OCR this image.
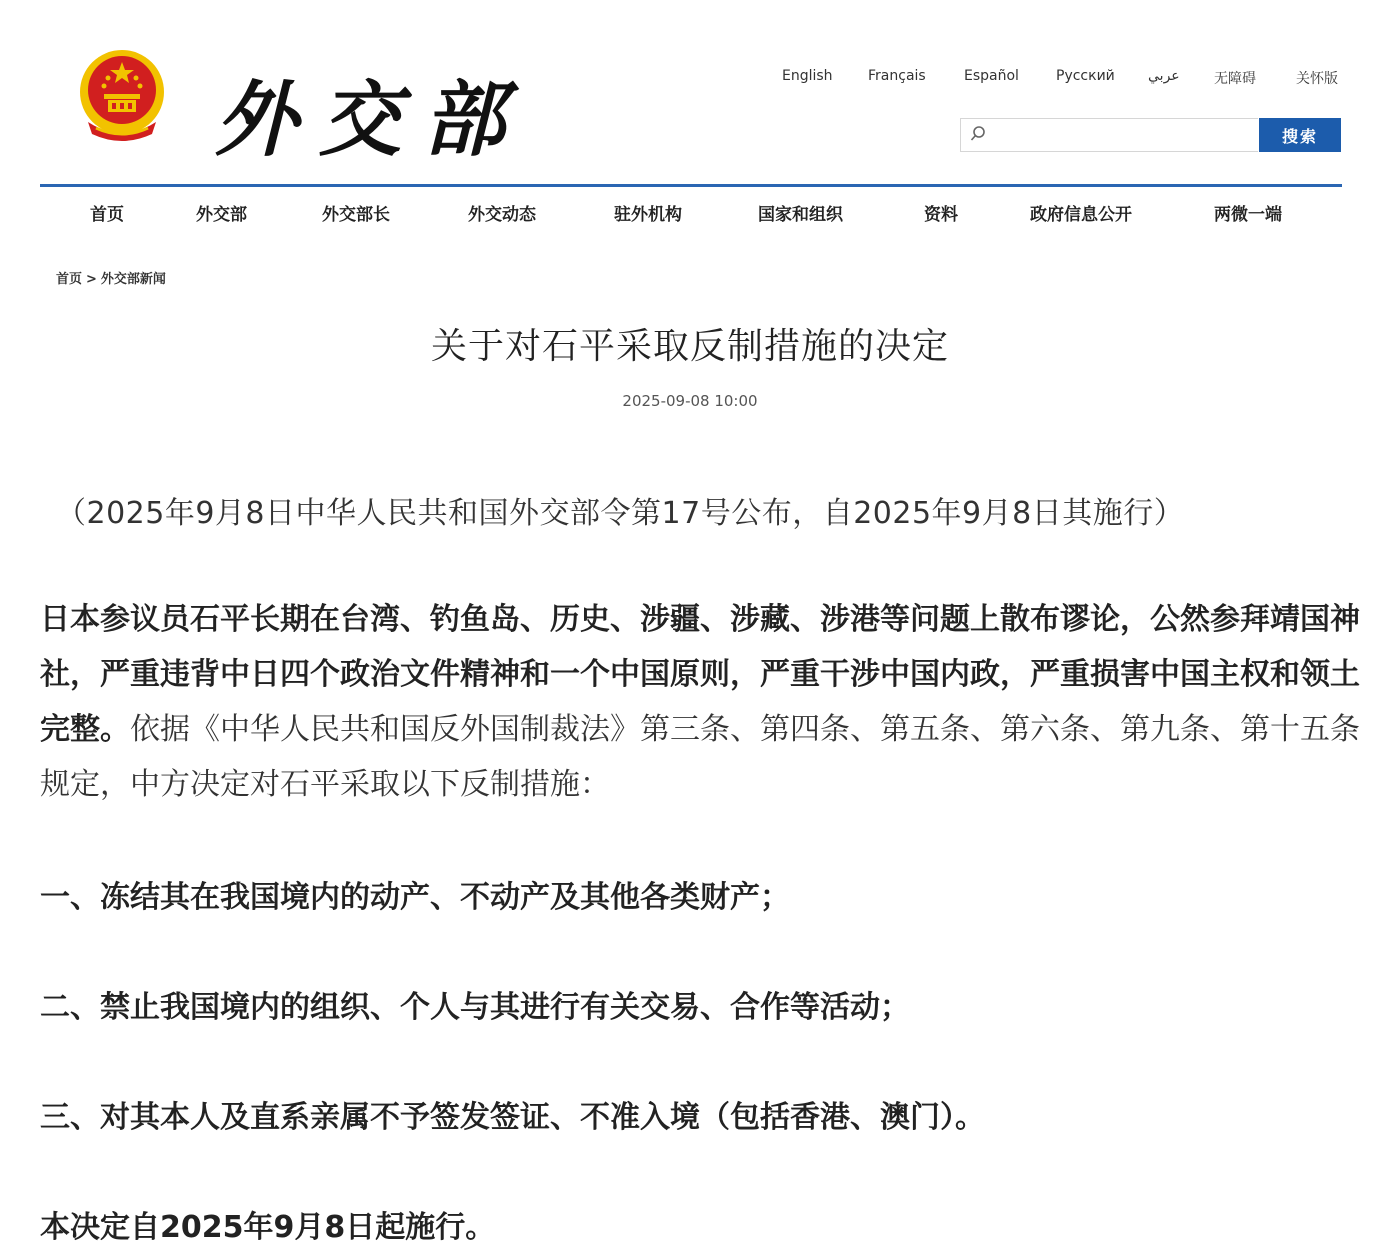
外交部	English	Français	Español	Русский عربي 无障碍	关怀版
搜索
首页	外交部	外交部长	外交动态	驻外机构	国家和组织	资料	政府信息公开	两微一端
首页 > 外交部新闻
关于对石平采取反制措施的决定
2025-09-08 10:00
（2025年9月8日中华人民共和国外交部令第17号公布，自2025年9月8日其施行）
日本参议员石平长期在台湾、钓鱼岛、历史、涉疆、涉藏、涉港等问题上散布谬论，公然参拜靖国神社，严重违背中日四个政治文件精神和一个中国原则，严重干涉中国内政，严重损害中国主权和领土完整。依据《中华人民共和国反外国制裁法》第三条、第四条、第五条、第六条、第九条、第十五条规定，中方决定对石平采取以下反制措施：
一、冻结其在我国境内的动产、不动产及其他各类财产；
二、禁止我国境内的组织、个人与其进行有关交易、合作等活动；
三、对其本人及直系亲属不予签发签证、不准入境（包括香港、澳门）。
本决定自2025年9月8日起施行。
